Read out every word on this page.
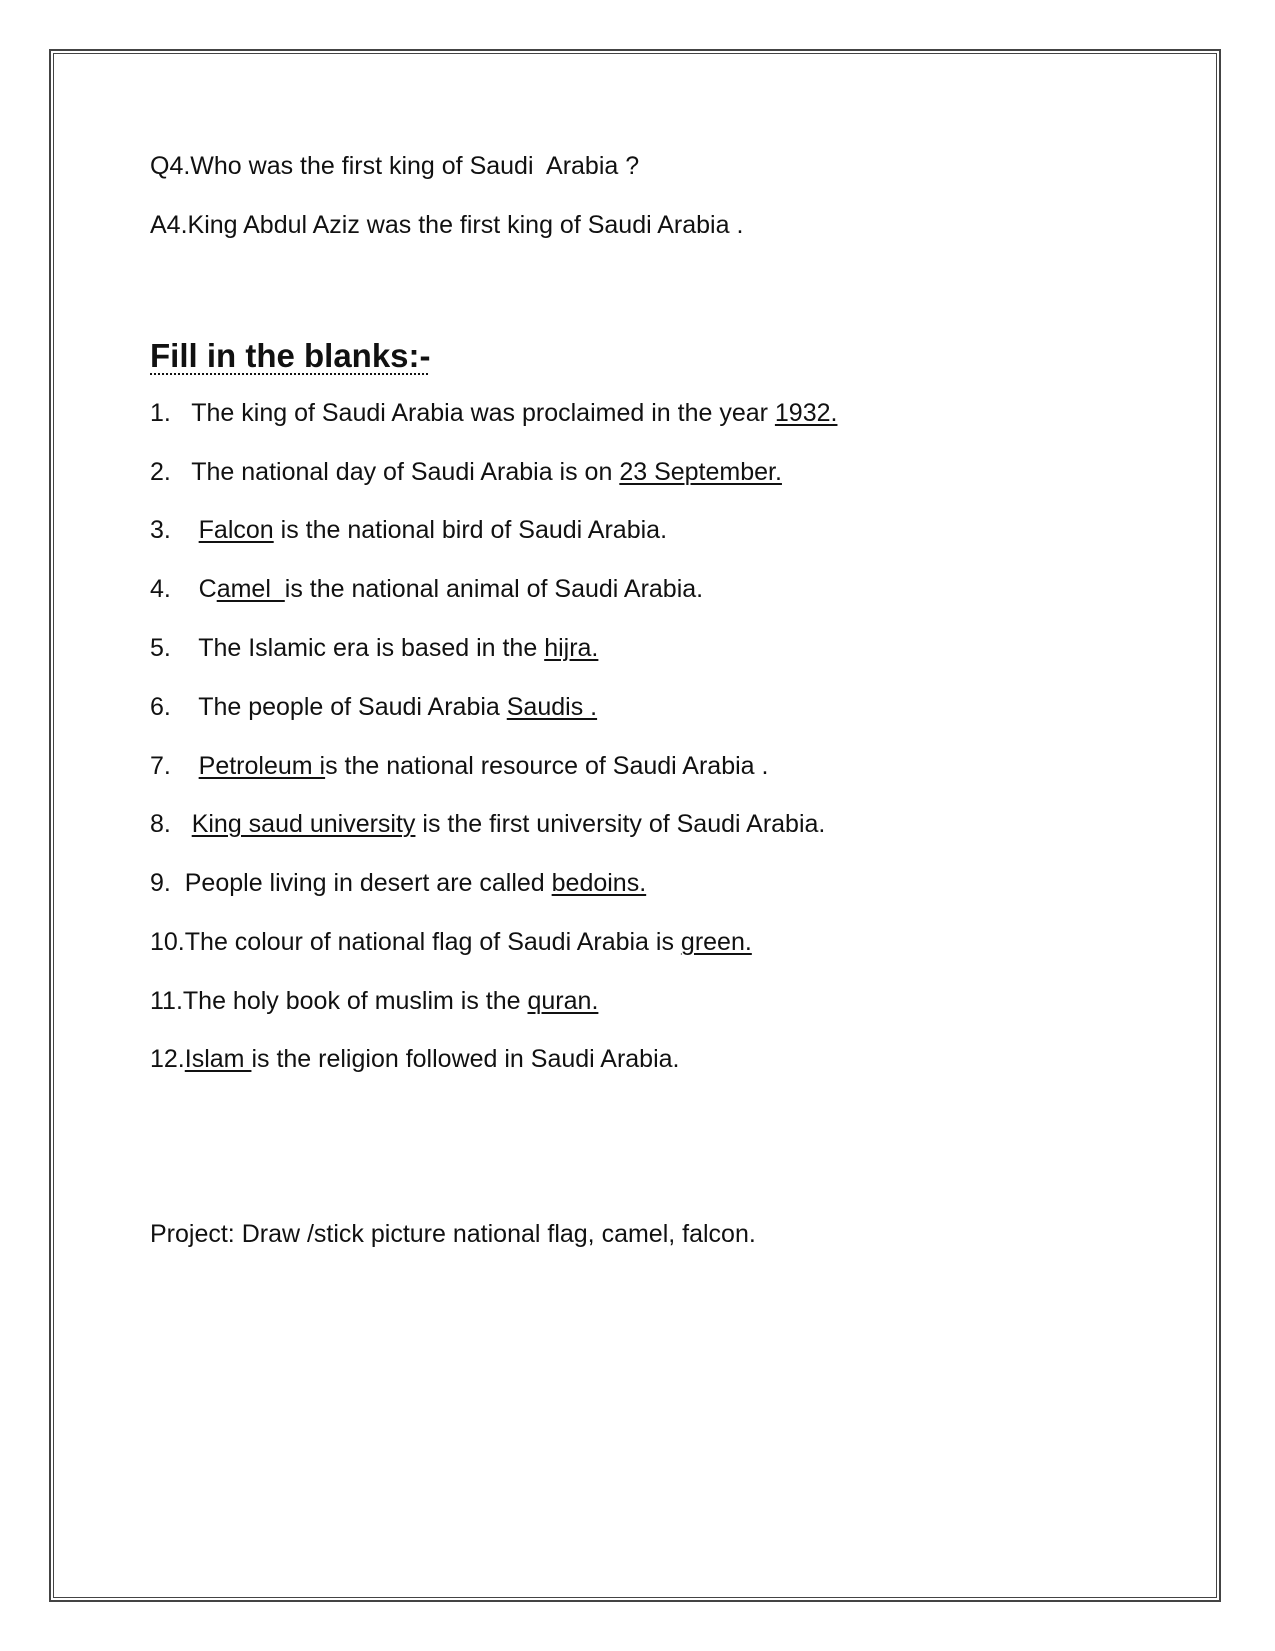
Q4.Who was the first king of Saudi  Arabia ?
A4.King Abdul Aziz was the first king of Saudi Arabia .
Fill in the blanks:-
1.   The king of Saudi Arabia was proclaimed in the year 1932.
2.   The national day of Saudi Arabia is on 23 September.
3. Falcon is the national bird of Saudi Arabia.
4.    Camel  is the national animal of Saudi Arabia.
5.    The Islamic era is based in the hijra.
6.    The people of Saudi Arabia Saudis .
7. Petroleum is the national resource of Saudi Arabia .
8. King saud university is the first university of Saudi Arabia.
9.  People living in desert are called bedoins.
10.The colour of national flag of Saudi Arabia is green.
11.The holy book of muslim is the quran.
12.Islam is the religion followed in Saudi Arabia.
Project: Draw /stick picture national flag, camel, falcon.
